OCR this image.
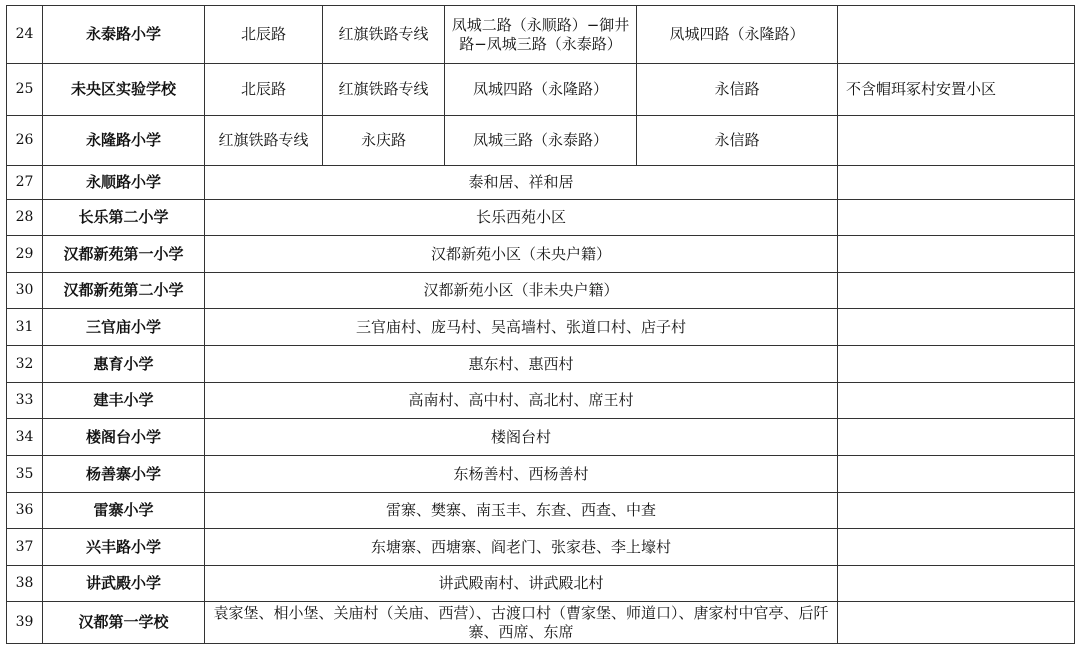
24	永泰路小学	北辰路	红旗铁路专线	凤城二路（永顺路）−御井路−凤城三路（永泰路）	凤城四路（永隆路）	
25	未央区实验学校	北辰路	红旗铁路专线	凤城四路（永隆路）	永信路	不含帽珥冢村安置小区
26	永隆路小学	红旗铁路专线	永庆路	凤城三路（永泰路）	永信路	
27	永顺路小学	泰和居、祥和居				
28	长乐第二小学	长乐西苑小区				
29	汉都新苑第一小学	汉都新苑小区（未央户籍）				
30	汉都新苑第二小学	汉都新苑小区（非未央户籍）				
31	三官庙小学	三官庙村、庞马村、吴高墙村、张道口村、店子村				
32	惠育小学	惠东村、惠西村				
33	建丰小学	高南村、高中村、高北村、席王村				
34	楼阁台小学	楼阁台村				
35	杨善寨小学	东杨善村、西杨善村				
36	雷寨小学	雷寨、樊寨、南玉丰、东查、西查、中查				
37	兴丰路小学	东塘寨、西塘寨、阎老门、张家巷、李上壕村				
38	讲武殿小学	讲武殿南村、讲武殿北村				
39	汉都第一学校	袁家堡、相小堡、关庙村（关庙、西营）、古渡口村（曹家堡、师道口）、唐家村中官亭、后阡寨、西席、东席				
